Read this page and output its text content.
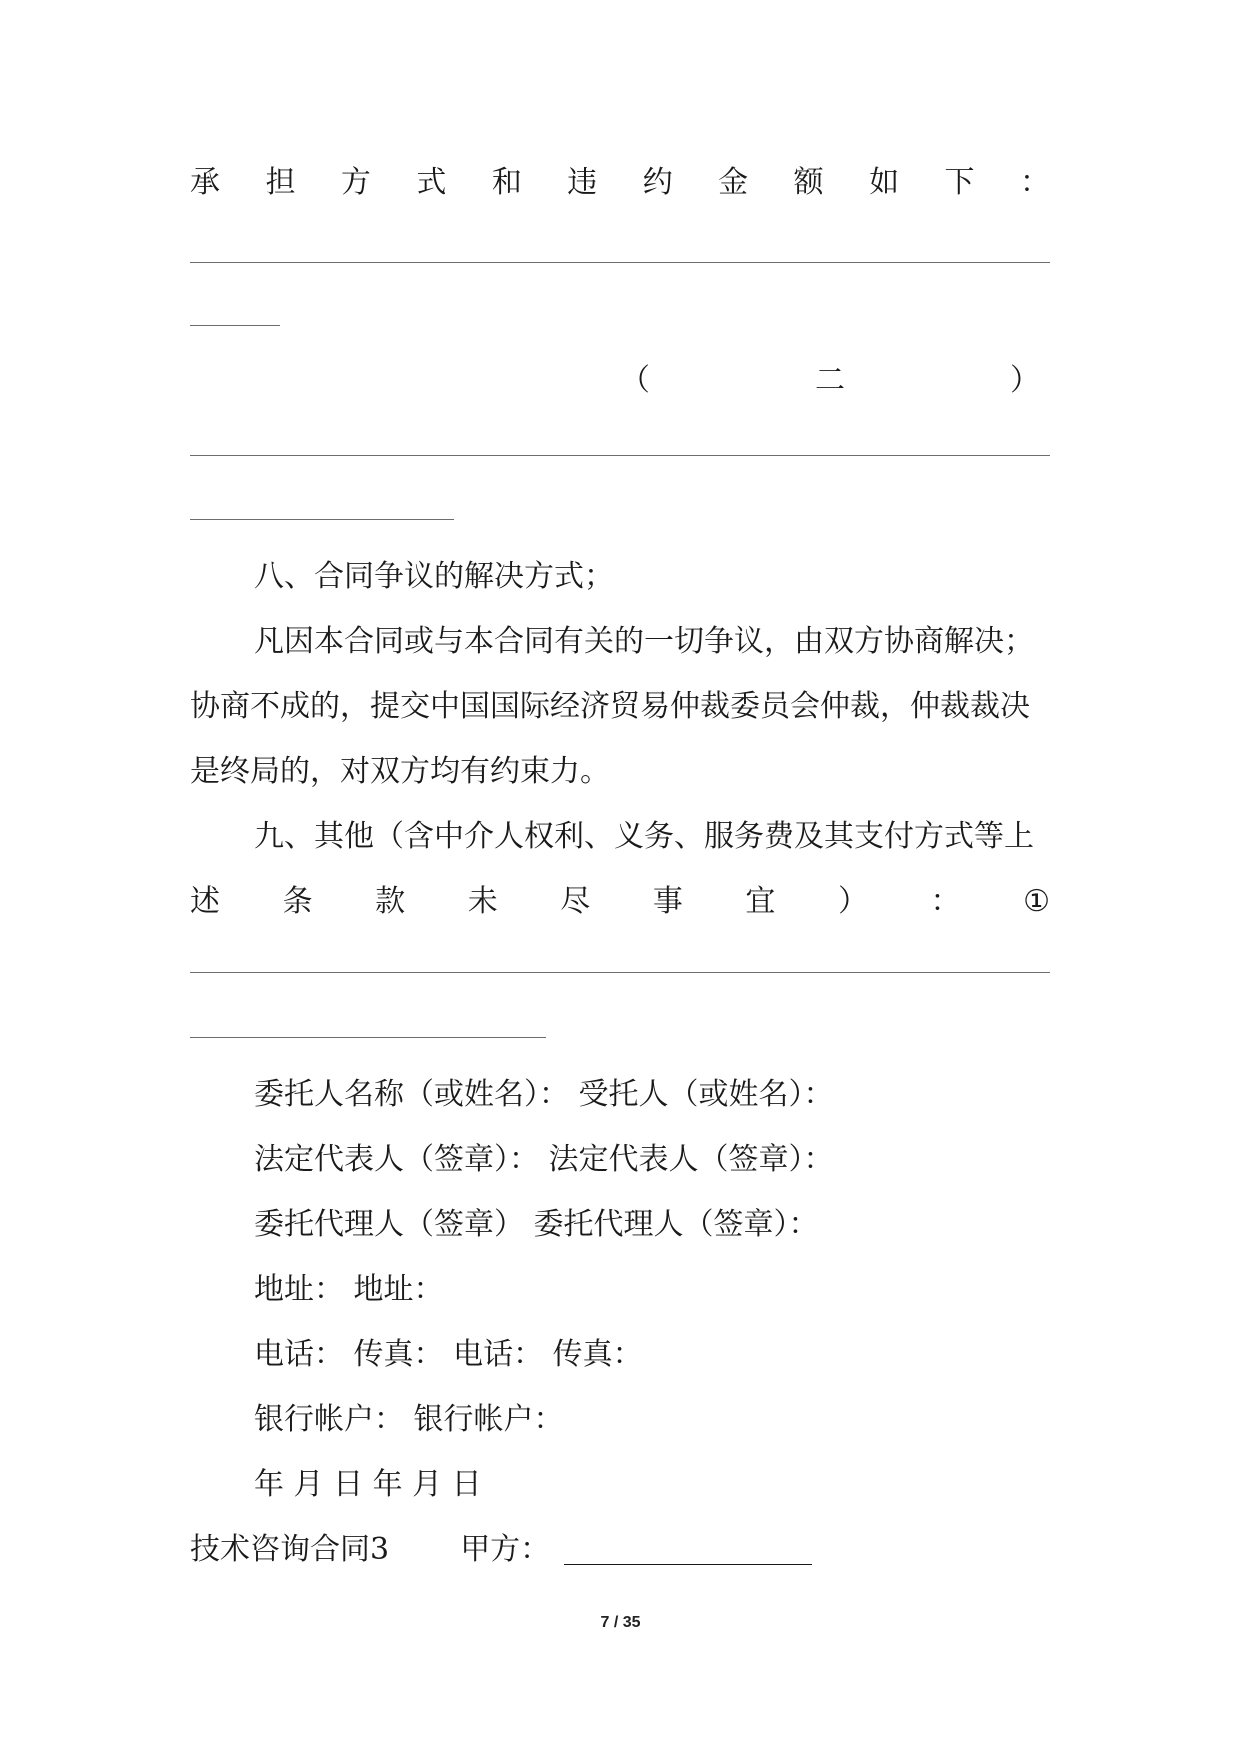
承 担 方 式 和 违 约 金 额 如 下 ：
（	二	）
八、合同争议的解决方式；
凡因本合同或与本合同有关的一切争议，由双方协商解决；
协商不成的，提交中国国际经济贸易仲裁委员会仲裁，仲裁裁决
是终局的，对双方均有约束力。
九、其他（含中介人权利、义务、服务费及其支付方式等上
述 条 款 未 尽 事 宜 ） ： ①
委托人名称（或姓名）： 受托人（或姓名）：
法定代表人（签章）： 法定代表人（签章）：
委托代理人（签章） 委托代理人（签章）：
地址： 地址：
电话： 传真： 电话： 传真：
银行帐户： 银行帐户：
年 月 日 年 月 日
技术咨询合同3 甲方：
7 / 35
